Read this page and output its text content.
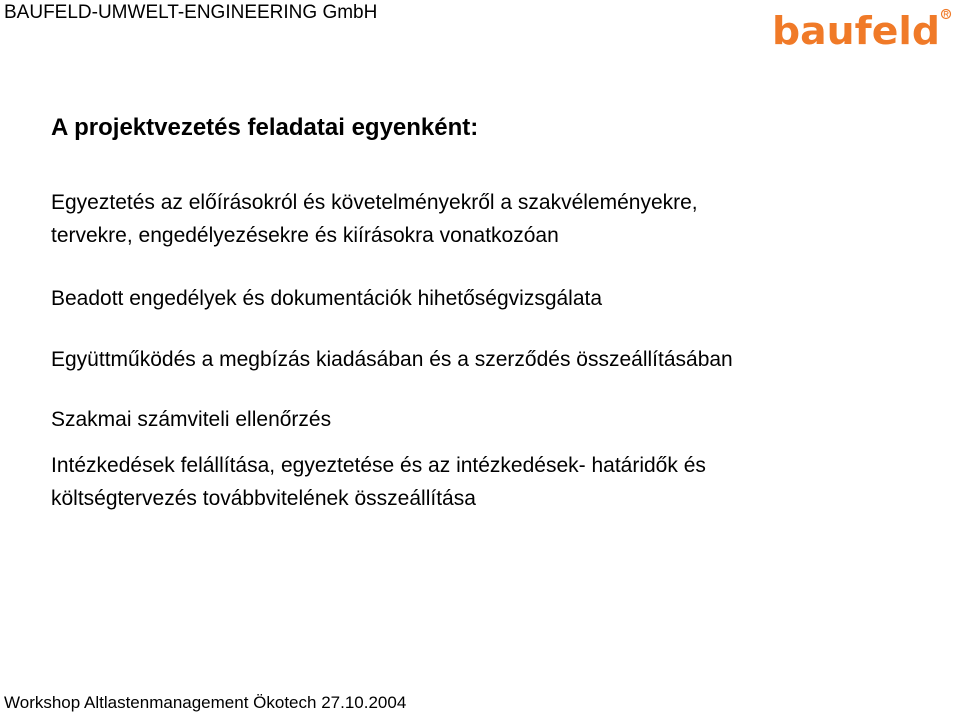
BAUFELD-UMWELT-ENGINEERING GmbH	baufeld
A projektvezetés feladatai egyenként:
Egyeztetés az előírásokról és követelményekről a szakvéleményekre,
tervekre, engedélyezésekre és kiírásokra vonatkozóan
Beadott engedélyek és dokumentációk hihetőségvizsgálata
Együttműködés a megbízás kiadásában és a szerződés összeállításában
Szakmai számviteli ellenőrzés
Intézkedések felállítása, egyeztetése és az intézkedések- határidők és
költségtervezés továbbvitelének összeállítása
Workshop Altlastenmanagement Ökotech 27.10.2004
